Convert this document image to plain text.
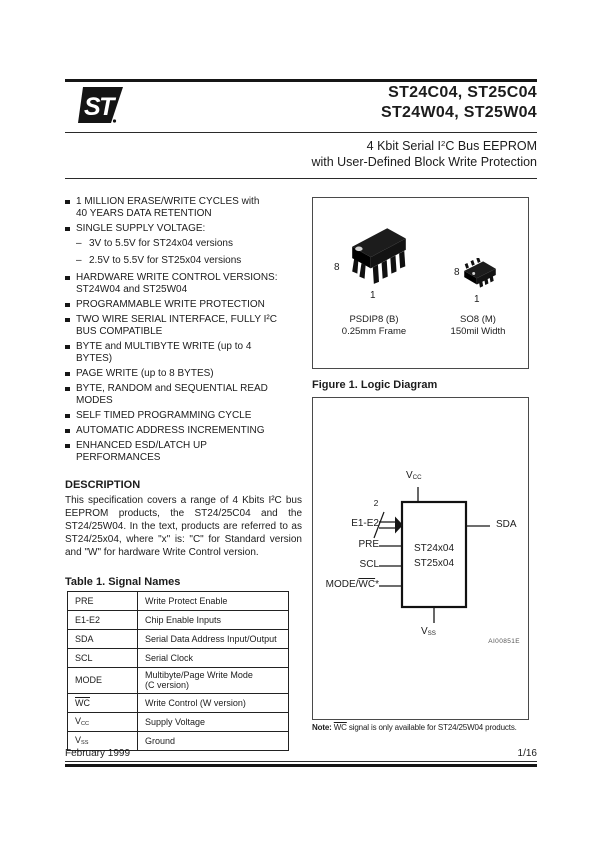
ST
ST24C04, ST25C04
ST24W04, ST25W04
4 Kbit Serial $I^2C$ Bus EEPROM
with User-Defined Block Write Protection
1 MILLION ERASE/WRITE CYCLES with
40 YEARS DATA RETENTION
SINGLE SUPPLY VOLTAGE:
– 3V to 5.5V for ST24x04 versions
– 2.5V to 5.5V for ST25x04 versions
HARDWARE WRITE CONTROL VERSIONS:
ST24W04 and ST25W04
PROGRAMMABLE WRITE PROTECTION
TWO WIRE SERIAL INTERFACE, FULLY I²C
BUS COMPATIBLE
BYTE and MULTIBYTE WRITE (up to 4
BYTES)
PAGE WRITE (up to 8 BYTES)
BYTE, RANDOM and SEQUENTIAL READ
MODES
SELF TIMED PROGRAMMING CYCLE
AUTOMATIC ADDRESS INCREMENTING
ENHANCED ESD/LATCH UP
PERFORMANCES
DESCRIPTION
This specification covers a range of 4 Kbits I²C bus EEPROM products, the ST24/25C04 and the ST24/25W04. In the text, products are referred to as ST24/25x04, where "x" is: "C" for Standard version and "W" for hardware Write Control version.
Table 1. Signal Names
PRE	Write Protect Enable
E1-E2	Chip Enable Inputs
SDA	Serial Data Address Input/Output
SCL	Serial Clock
MODE	Multibyte/Page Write Mode
(C version)

$\overline{WC}$	Write Control (W version)
$V_{CC}$	Supply Voltage
$V_{SS}$	Ground
8
1
PSDIP8 (B)
0.25mm Frame
8
1
SO8 (M)
150mil Width
Figure 1. Logic Diagram
$V_{CC}$
2
E1-E2
PRE
SCL
MODE/$\overline{WC}*$
ST24x04
ST25x04
SDA
$V_{SS}$
AI00851E
Note: $\overline{WC}$ signal is only available for ST24/25W04 products.
February 1999	1/16
